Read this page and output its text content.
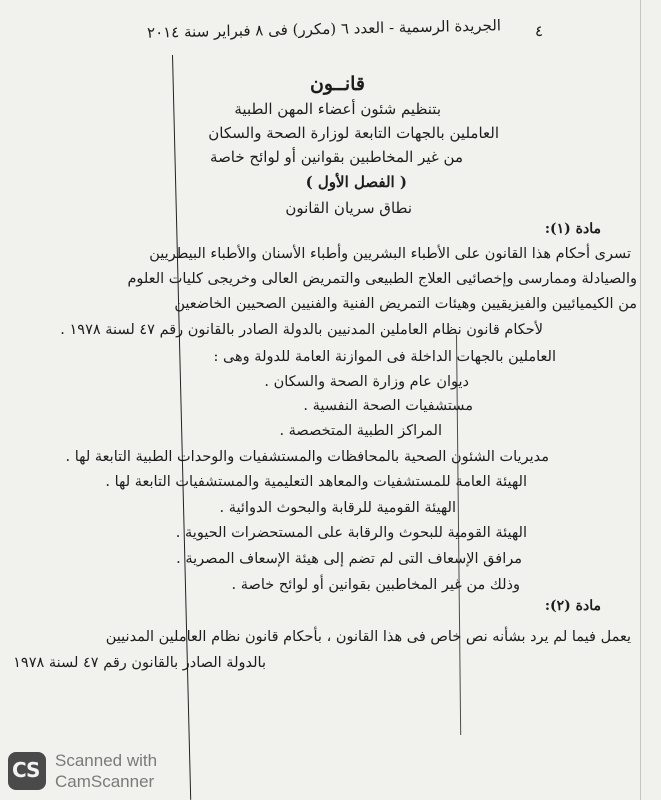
٤
الجريدة الرسمية - العدد ٦ (مكرر) فى ٨ فبراير سنة ٢٠١٤
قانــون
بتنظيم شئون أعضاء المهن الطبية
العاملين بالجهات التابعة لوزارة الصحة والسكان
من غير المخاطبين بقوانين أو لوائح خاصة
( الفصل الأول )
نطاق سريان القانون
مادة (١):
تسرى أحكام هذا القانون على الأطباء البشريين وأطباء الأسنان والأطباء البيطريين
والصيادلة وممارسى وإخصائيى العلاج الطبيعى والتمريض العالى وخريجى كليات العلوم
من الكيميائيين والفيزيقيين وهيئات التمريض الفنية والفنيين الصحيين الخاضعين
لأحكام قانون نظام العاملين المدنيين بالدولة الصادر بالقانون رقم ٤٧ لسنة ١٩٧٨ .
العاملين بالجهات الداخلة فى الموازنة العامة للدولة وهى :
ديوان عام وزارة الصحة والسكان .
مستشفيات الصحة النفسية .
المراكز الطبية المتخصصة .
مديريات الشئون الصحية بالمحافظات والمستشفيات والوحدات الطبية التابعة لها .
الهيئة العامة للمستشفيات والمعاهد التعليمية والمستشفيات التابعة لها .
الهيئة القومية للرقابة والبحوث الدوائية .
الهيئة القومية للبحوث والرقابة على المستحضرات الحيوية .
مرافق الإسعاف التى لم تضم إلى هيئة الإسعاف المصرية .
وذلك من غير المخاطبين بقوانين أو لوائح خاصة .
مادة (٢):
يعمل فيما لم يرد بشأنه نص خاص فى هذا القانون ، بأحكام قانون نظام العاملين المدنيين
بالدولة الصادر بالقانون رقم ٤٧ لسنة ١٩٧٨
CS Scanned with
CamScanner
